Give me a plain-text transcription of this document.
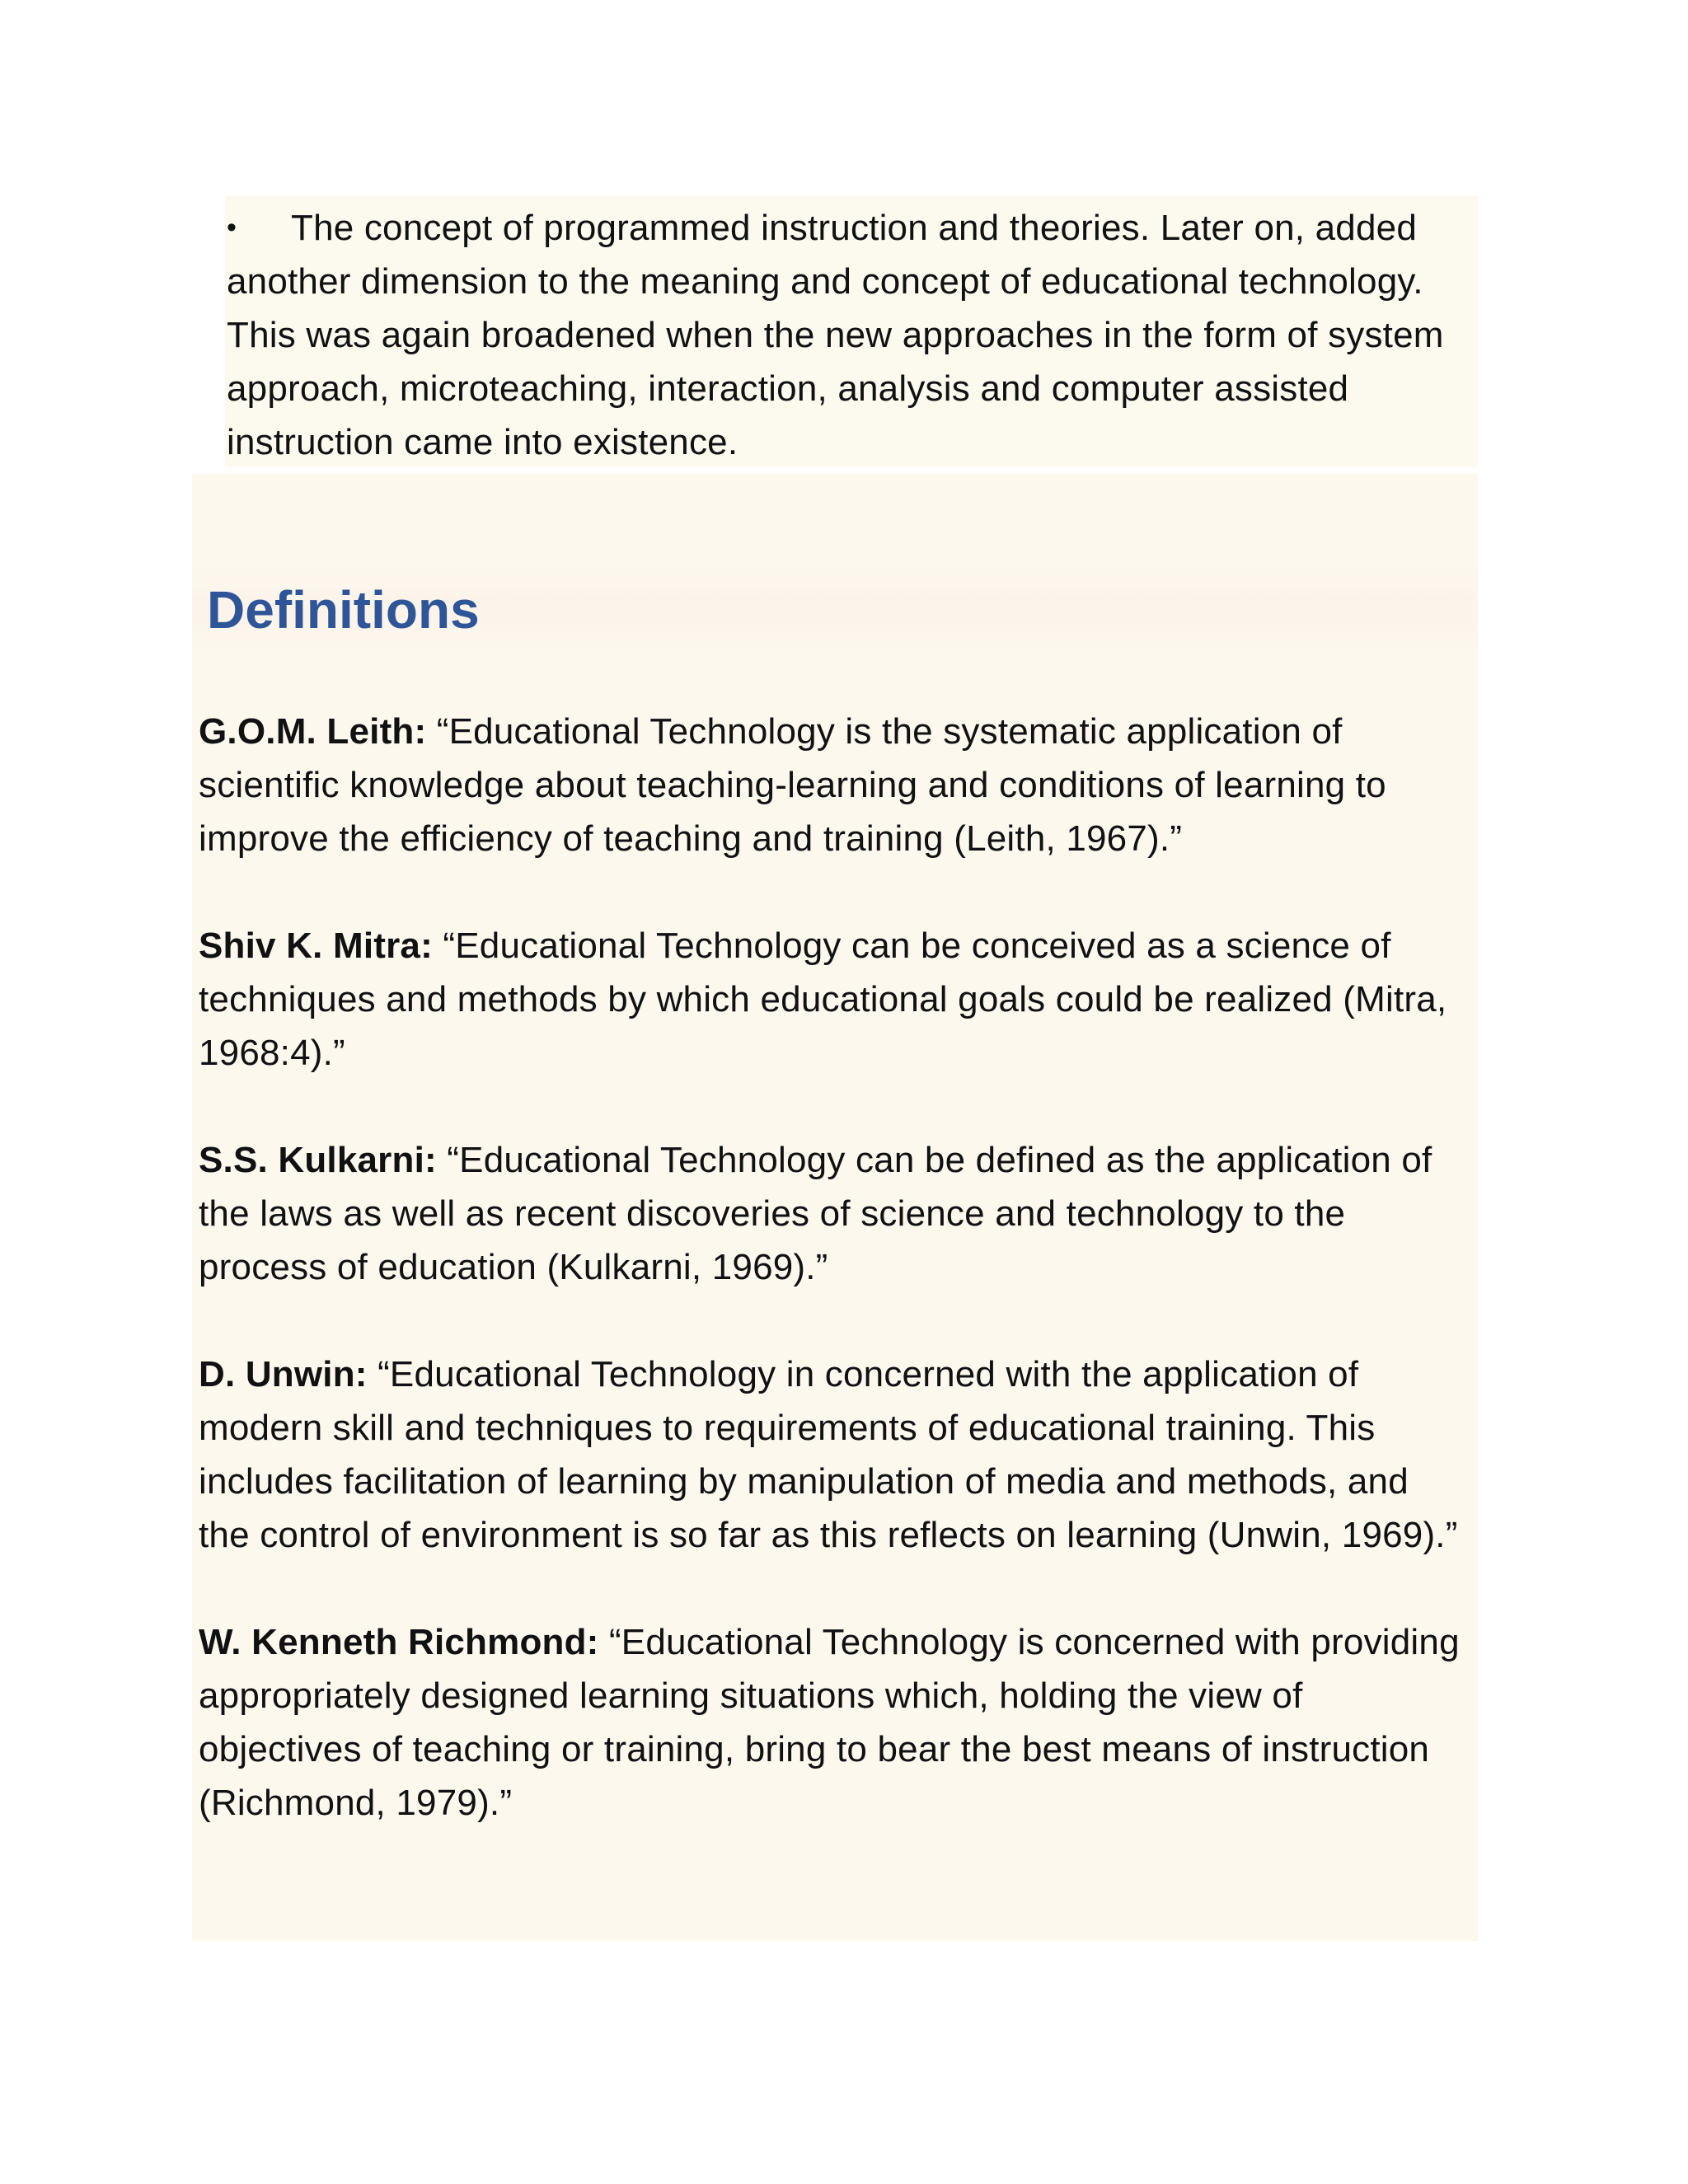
• The concept of programmed instruction and theories. Later on, added another dimension to the meaning and concept of educational technology. This was again broadened when the new approaches in the form of system approach, microteaching, interaction, analysis and computer assisted instruction came into existence.

Definitions

G.O.M. Leith: “Educational Technology is the systematic application of scientific knowledge about teaching-learning and conditions of learning to improve the efficiency of teaching and training (Leith, 1967).”

Shiv K. Mitra: “Educational Technology can be conceived as a science of techniques and methods by which educational goals could be realized (Mitra, 1968:4).”

S.S. Kulkarni: “Educational Technology can be defined as the application of the laws as well as recent discoveries of science and technology to the process of education (Kulkarni, 1969).”

D. Unwin: “Educational Technology in concerned with the application of modern skill and techniques to requirements of educational training. This includes facilitation of learning by manipulation of media and methods, and the control of environment is so far as this reflects on learning (Unwin, 1969).”

W. Kenneth Richmond: “Educational Technology is concerned with providing appropriately designed learning situations which, holding the view of objectives of teaching or training, bring to bear the best means of instruction (Richmond, 1979).”
